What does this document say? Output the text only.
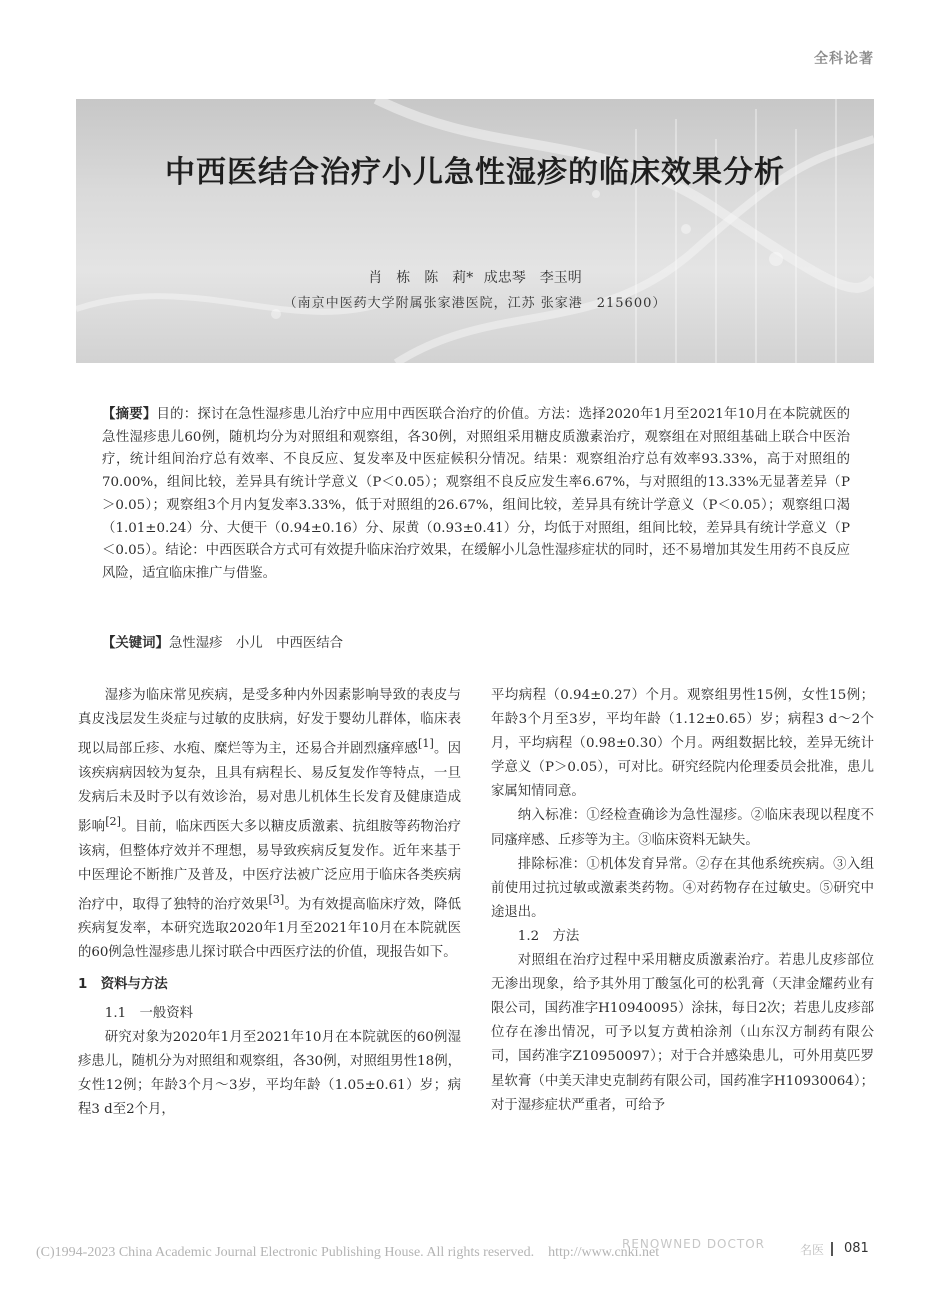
全科论著
中西医结合治疗小儿急性湿疹的临床效果分析
肖　栋　陈　莉* 成忠琴　李玉明
（南京中医药大学附属张家港医院，江苏 张家港　215600）

【摘要】目的：探讨在急性湿疹患儿治疗中应用中西医联合治疗的价值。方法：选择2020年1月至2021年10月在本院就医的急性湿疹患儿60例，随机均分为对照组和观察组，各30例，对照组采用糖皮质激素治疗，观察组在对照组基础上联合中医治疗，统计组间治疗总有效率、不良反应、复发率及中医症候积分情况。结果：观察组治疗总有效率93.33%，高于对照组的70.00%，组间比较，差异具有统计学意义（P＜0.05）；观察组不良反应发生率6.67%，与对照组的13.33%无显著差异（P＞0.05）；观察组3个月内复发率3.33%，低于对照组的26.67%，组间比较，差异具有统计学意义（P＜0.05）；观察组口渴（1.01±0.24）分、大便干（0.94±0.16）分、尿黄（0.93±0.41）分，均低于对照组，组间比较，差异具有统计学意义（P＜0.05）。结论：中西医联合方式可有效提升临床治疗效果，在缓解小儿急性湿疹症状的同时，还不易增加其发生用药不良反应风险，适宜临床推广与借鉴。

【关键词】急性湿疹　小儿　中西医结合

湿疹为临床常见疾病，是受多种内外因素影响导致的表皮与真皮浅层发生炎症与过敏的皮肤病，好发于婴幼儿群体，临床表现以局部丘疹、水疱、糜烂等为主，还易合并剧烈瘙痒感[1]。因该疾病病因较为复杂，且具有病程长、易反复发作等特点，一旦发病后未及时予以有效诊治，易对患儿机体生长发育及健康造成影响[2]。目前，临床西医大多以糖皮质激素、抗组胺等药物治疗该病，但整体疗效并不理想，易导致疾病反复发作。近年来基于中医理论不断推广及普及，中医疗法被广泛应用于临床各类疾病治疗中，取得了独特的治疗效果[3]。为有效提高临床疗效，降低疾病复发率，本研究选取2020年1月至2021年10月在本院就医的60例急性湿疹患儿探讨联合中西医疗法的价值，现报告如下。

1　资料与方法

1.1　一般资料

研究对象为2020年1月至2021年10月在本院就医的60例湿疹患儿，随机分为对照组和观察组，各30例，对照组男性18例，女性12例；年龄3个月～3岁，平均年龄（1.05±0.61）岁；病程3 d至2个月，

平均病程（0.94±0.27）个月。观察组男性15例，女性15例；年龄3个月至3岁，平均年龄（1.12±0.65）岁；病程3 d～2个月，平均病程（0.98±0.30）个月。两组数据比较，差异无统计学意义（P＞0.05），可对比。研究经院内伦理委员会批准，患儿家属知情同意。

纳入标准：①经检查确诊为急性湿疹。②临床表现以程度不同瘙痒感、丘疹等为主。③临床资料无缺失。

排除标准：①机体发育异常。②存在其他系统疾病。③入组前使用过抗过敏或激素类药物。④对药物存在过敏史。⑤研究中途退出。

1.2　方法

对照组在治疗过程中采用糖皮质激素治疗。若患儿皮疹部位无渗出现象，给予其外用丁酸氢化可的松乳膏（天津金耀药业有限公司，国药准字H10940095）涂抹，每日2次；若患儿皮疹部位存在渗出情况，可予以复方黄柏涂剂（山东汉方制药有限公司，国药准字Z10950097）；对于合并感染患儿，可外用莫匹罗星软膏（中美天津史克制药有限公司，国药准字H10930064）；对于湿疹症状严重者，可给予

(C)1994-2023 China Academic Journal Electronic Publishing House. All rights reserved.　http://www.cnki.net
RENOWNED DOCTOR	名医 081
